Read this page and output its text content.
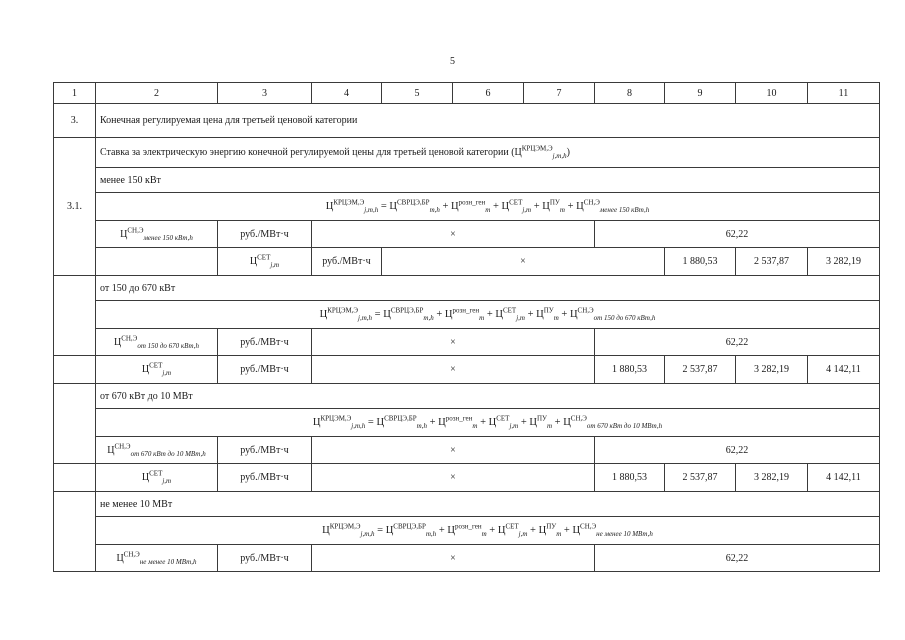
5
1	2	3	4	5	6	7	8	9	10	11	
3.	Конечная регулируемая цена для третьей ценовой категории										
3.1.	Ставка за электрическую энергию конечной регулируемой цены для третьей ценовой категории $(Ц^{КРЦЭМ,Э}_{j,m,h})$										
	менее 150 кВт										
	$Ц^{КРЦЭМ,Э}_{j,m,h} = Ц^{СВРЦЭ,БР}_{m,h} + Ц^{розн\_ген}_m + Ц^{СЕТ}_{j,m} + Ц^{ПУ}_m + Ц^{СН,Э}_{менее 150 кВт,h}$
	$Ц^{СН,Э}_{менее 150 кВт,h}$	руб./МВт·ч	×				62,22				
		$Ц^{СЕТ}_{j,m}$	руб./МВт·ч	×				1 880,53	2 537,87	3 282,19	
	от 150 до 670 кВт										
	$Ц^{КРЦЭМ,Э}_{j,m,h} = Ц^{СВРЦЭ,БР}_{m,h} + Ц^{розн\_ген}_m + Ц^{СЕТ}_{j,m} + Ц^{ПУ}_m + Ц^{СН,Э}_{от 150 до 670 кВт,h}$
	$Ц^{СН,Э}_{от 150 до 670 кВт,h}$	руб./МВт·ч	×				62,22				
	$Ц^{СЕТ}_{j,m}$	руб./МВт·ч	×				1 880,53	2 537,87	3 282,19	4 142,11	
	от 670 кВт до 10 МВт										
	$Ц^{КРЦЭМ,Э}_{j,m,h} = Ц^{СВРЦЭ,БР}_{m,h} + Ц^{розн\_ген}_m + Ц^{СЕТ}_{j,m} + Ц^{ПУ}_m + Ц^{СН,Э}_{от 670 кВт до 10 МВт,h}$
	$Ц^{СН,Э}_{от 670 кВт до 10 МВт,h}$	руб./МВт·ч	×				62,22				
	$Ц^{СЕТ}_{j,m}$	руб./МВт·ч	×				1 880,53	2 537,87	3 282,19	4 142,11	
	не менее 10 МВт										
	$Ц^{КРЦЭМ,Э}_{j,m,h} = Ц^{СВРЦЭ,БР}_{m,h} + Ц^{розн\_ген}_m + Ц^{СЕТ}_{j,m} + Ц^{ПУ}_m + Ц^{СН,Э}_{не менее 10 МВт,h}$
	$Ц^{СН,Э}_{не менее 10 МВт,h}$	руб./МВт·ч	×				62,22				
